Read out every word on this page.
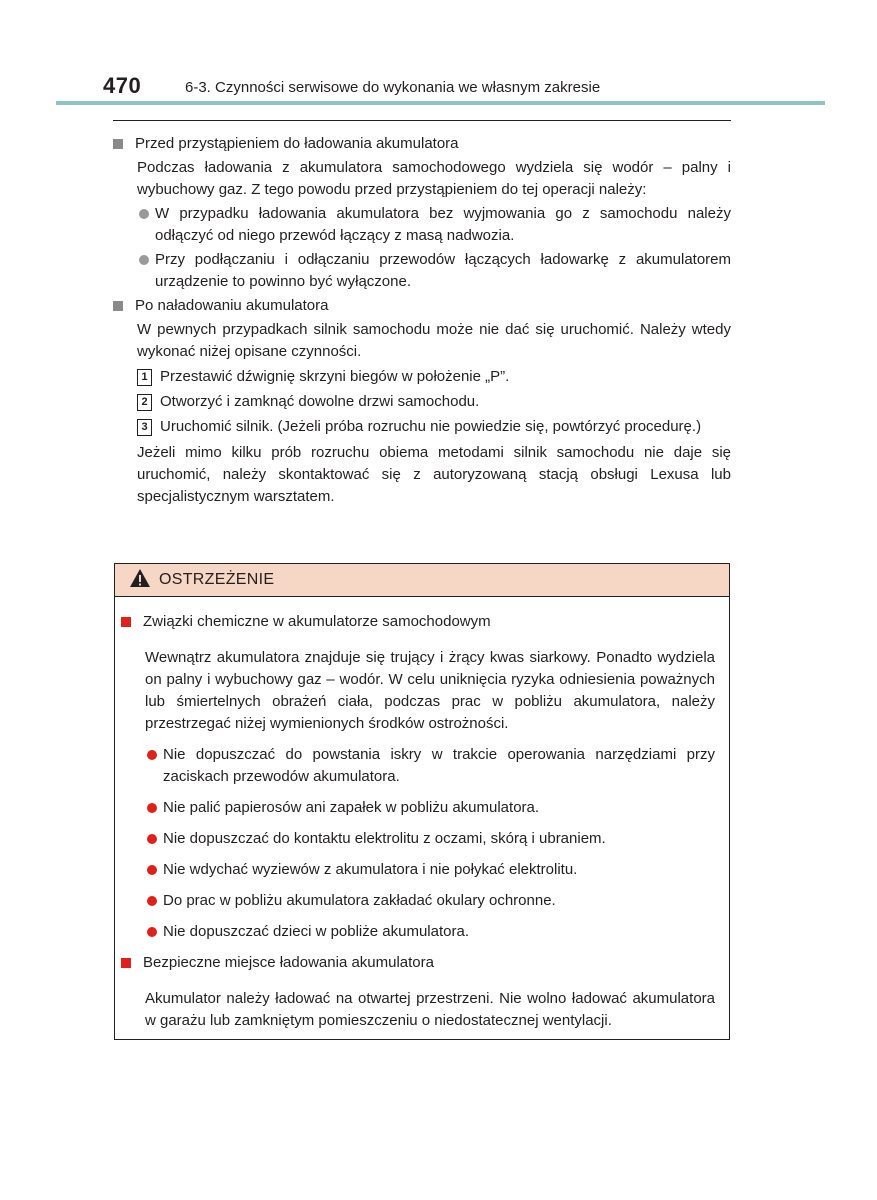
470	6-3. Czynności serwisowe do wykonania we własnym zakresie
Przed przystąpieniem do ładowania akumulatora
Podczas ładowania z akumulatora samochodowego wydziela się wodór – palny i wybuchowy gaz. Z tego powodu przed przystąpieniem do tej operacji należy:
W przypadku ładowania akumulatora bez wyjmowania go z samochodu należy odłączyć od niego przewód łączący z masą nadwozia.
Przy podłączaniu i odłączaniu przewodów łączących ładowarkę z akumulatorem urządzenie to powinno być wyłączone.
Po naładowaniu akumulatora
W pewnych przypadkach silnik samochodu może nie dać się uruchomić. Należy wtedy wykonać niżej opisane czynności.
1 Przestawić dźwignię skrzyni biegów w położenie „P”.
2 Otworzyć i zamknąć dowolne drzwi samochodu.
3 Uruchomić silnik. (Jeżeli próba rozruchu nie powiedzie się, powtórzyć procedurę.)
Jeżeli mimo kilku prób rozruchu obiema metodami silnik samochodu nie daje się uruchomić, należy skontaktować się z autoryzowaną stacją obsługi Lexusa lub specjalistycznym warsztatem.
OSTRZEŻENIE
Związki chemiczne w akumulatorze samochodowym
Wewnątrz akumulatora znajduje się trujący i żrący kwas siarkowy. Ponadto wydziela on palny i wybuchowy gaz – wodór. W celu uniknięcia ryzyka odniesienia poważnych lub śmiertelnych obrażeń ciała, podczas prac w pobliżu akumulatora, należy przestrzegać niżej wymienionych środków ostrożności.
Nie dopuszczać do powstania iskry w trakcie operowania narzędziami przy zaciskach przewodów akumulatora.
Nie palić papierosów ani zapałek w pobliżu akumulatora.
Nie dopuszczać do kontaktu elektrolitu z oczami, skórą i ubraniem.
Nie wdychać wyziewów z akumulatora i nie połykać elektrolitu.
Do prac w pobliżu akumulatora zakładać okulary ochronne.
Nie dopuszczać dzieci w pobliże akumulatora.
Bezpieczne miejsce ładowania akumulatora
Akumulator należy ładować na otwartej przestrzeni. Nie wolno ładować akumulatora w garażu lub zamkniętym pomieszczeniu o niedostatecznej wentylacji.
